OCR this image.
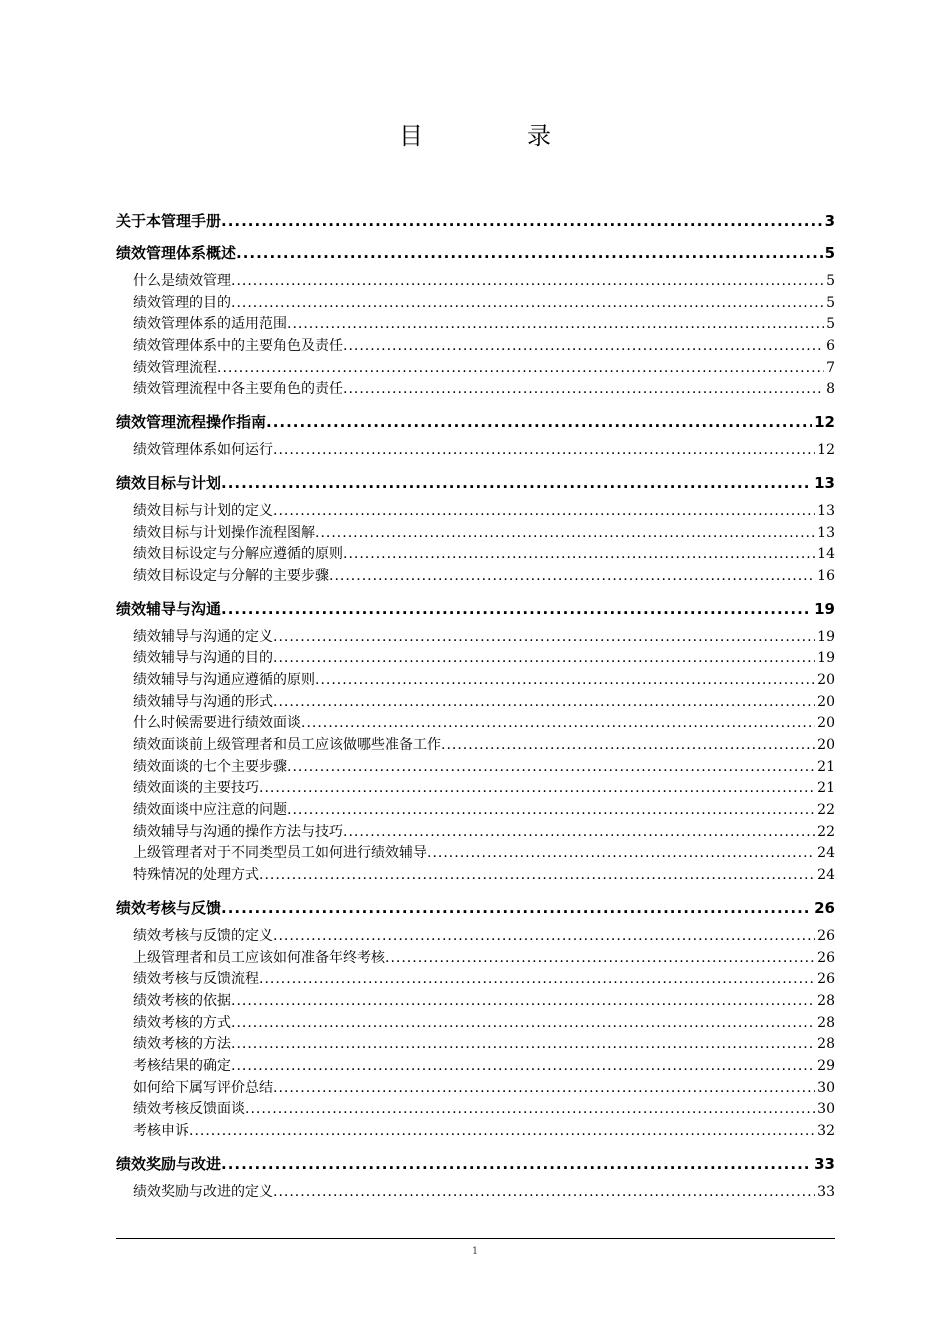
目　录
关于本管理手册 .....	3
绩效管理体系概述 .....	5
什么是绩效管理 .....	5
绩效管理的目的 .....	5
绩效管理体系的适用范围 .....	5
绩效管理体系中的主要角色及责任 .....	6
绩效管理流程 .....	7
绩效管理流程中各主要角色的责任 .....	8
绩效管理流程操作指南 .....	12
绩效管理体系如何运行 .....	12
绩效目标与计划 .....	13
绩效目标与计划的定义 .....	13
绩效目标与计划操作流程图解 .....	13
绩效目标设定与分解应遵循的原则 .....	14
绩效目标设定与分解的主要步骤 .....	16
绩效辅导与沟通 .....	19
绩效辅导与沟通的定义 .....	19
绩效辅导与沟通的目的 .....	19
绩效辅导与沟通应遵循的原则 .....	20
绩效辅导与沟通的形式 .....	20
什么时候需要进行绩效面谈 .....	20
绩效面谈前上级管理者和员工应该做哪些准备工作 .....	20
绩效面谈的七个主要步骤 .....	21
绩效面谈的主要技巧 .....	21
绩效面谈中应注意的问题 .....	22
绩效辅导与沟通的操作方法与技巧 .....	22
上级管理者对于不同类型员工如何进行绩效辅导 .....	24
特殊情况的处理方式 .....	24
绩效考核与反馈 .....	26
绩效考核与反馈的定义 .....	26
上级管理者和员工应该如何准备年终考核 .....	26
绩效考核与反馈流程 .....	26
绩效考核的依据 .....	28
绩效考核的方式 .....	28
绩效考核的方法 .....	28
考核结果的确定 .....	29
如何给下属写评价总结 .....	30
绩效考核反馈面谈 .....	30
考核申诉 .....	32
绩效奖励与改进 .....	33
绩效奖励与改进的定义 .....	33
1
